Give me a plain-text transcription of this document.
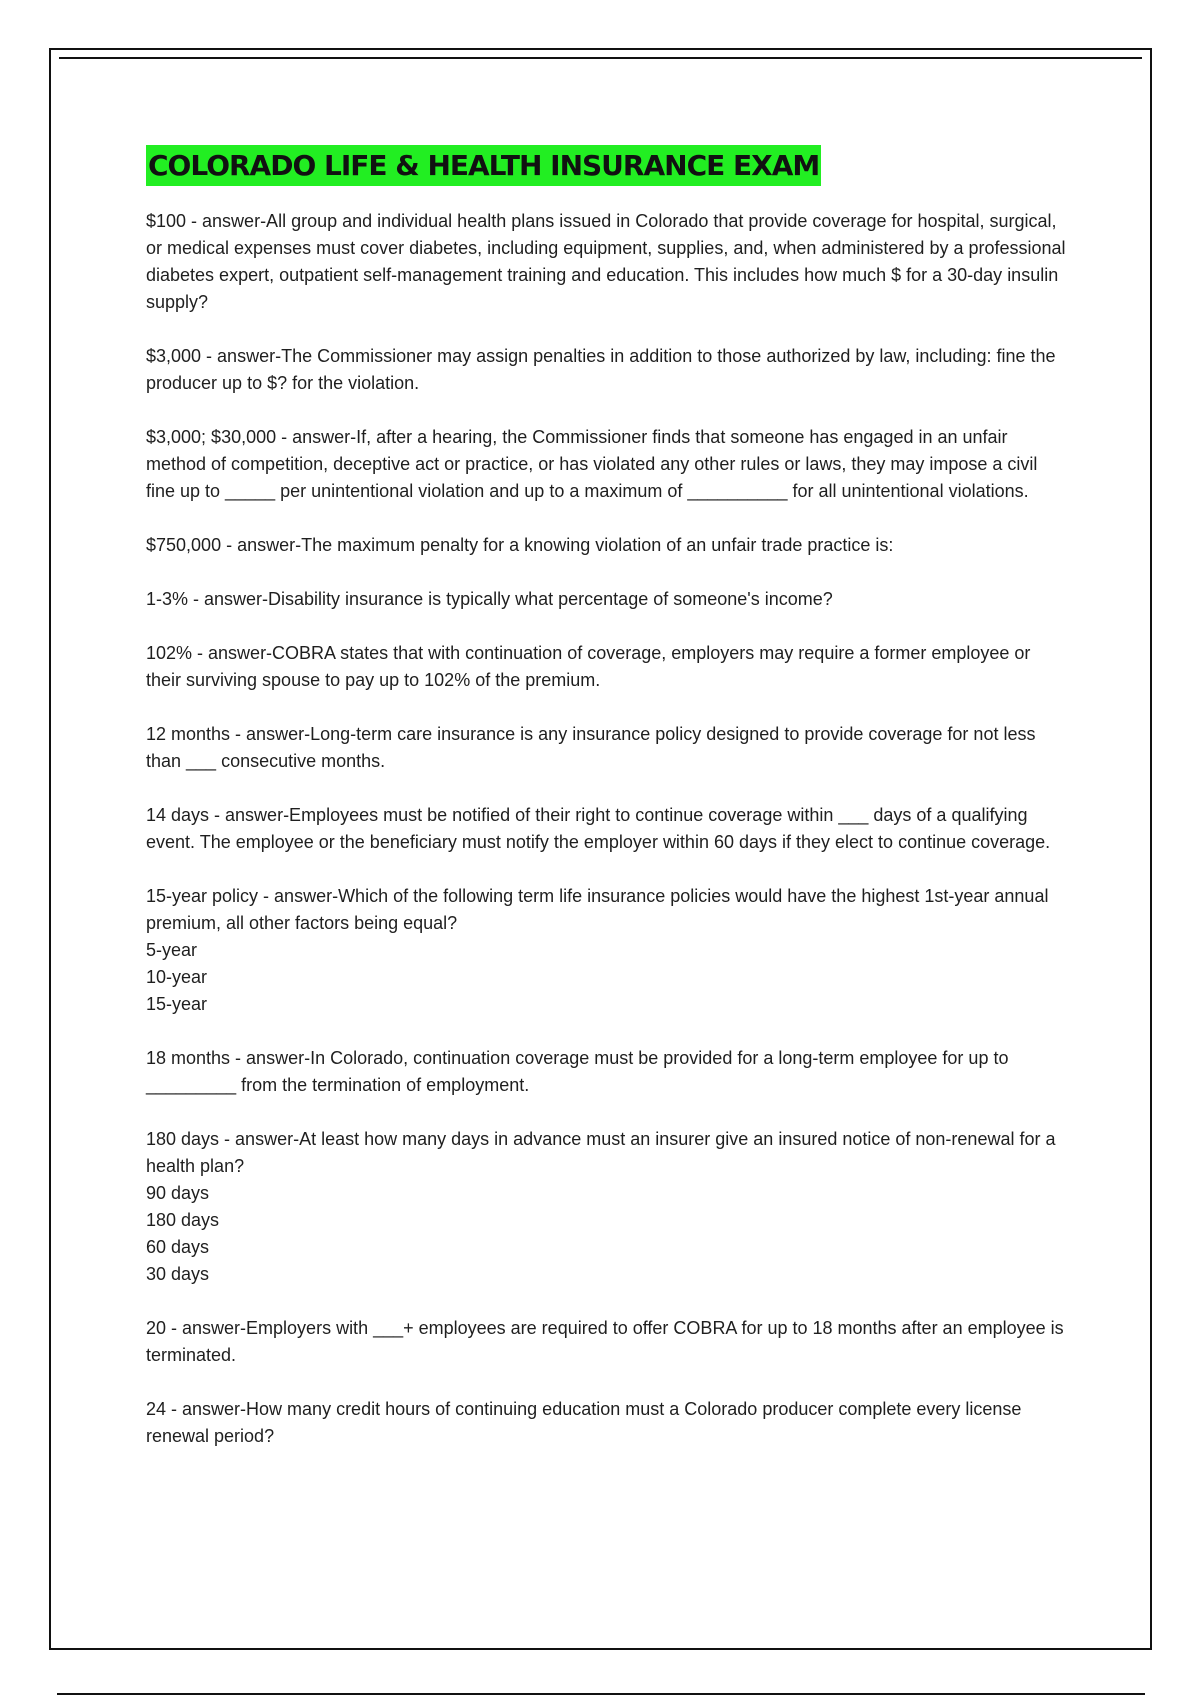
COLORADO LIFE & HEALTH INSURANCE EXAM
$100 - answer-All group and individual health plans issued in Colorado that provide coverage for hospital, surgical, or medical expenses must cover diabetes, including equipment, supplies, and, when administered by a professional diabetes expert, outpatient self-management training and education. This includes how much $ for a 30-day insulin supply?
$3,000 - answer-The Commissioner may assign penalties in addition to those authorized by law, including: fine the producer up to $? for the violation.
$3,000; $30,000 - answer-If, after a hearing, the Commissioner finds that someone has engaged in an unfair method of competition, deceptive act or practice, or has violated any other rules or laws, they may impose a civil fine up to _____ per unintentional violation and up to a maximum of __________ for all unintentional violations.
$750,000 - answer-The maximum penalty for a knowing violation of an unfair trade practice is:
1-3% - answer-Disability insurance is typically what percentage of someone's income?
102% - answer-COBRA states that with continuation of coverage, employers may require a former employee or their surviving spouse to pay up to 102% of the premium.
12 months - answer-Long-term care insurance is any insurance policy designed to provide coverage for not less than ___ consecutive months.
14 days - answer-Employees must be notified of their right to continue coverage within ___ days of a qualifying event. The employee or the beneficiary must notify the employer within 60 days if they elect to continue coverage.
15-year policy - answer-Which of the following term life insurance policies would have the highest 1st-year annual premium, all other factors being equal?
5-year
10-year
15-year
18 months - answer-In Colorado, continuation coverage must be provided for a long-term employee for up to _________ from the termination of employment.
180 days - answer-At least how many days in advance must an insurer give an insured notice of non-renewal for a health plan?
90 days
180 days
60 days
30 days
20 - answer-Employers with ___+ employees are required to offer COBRA for up to 18 months after an employee is terminated.
24 - answer-How many credit hours of continuing education must a Colorado producer complete every license renewal period?
